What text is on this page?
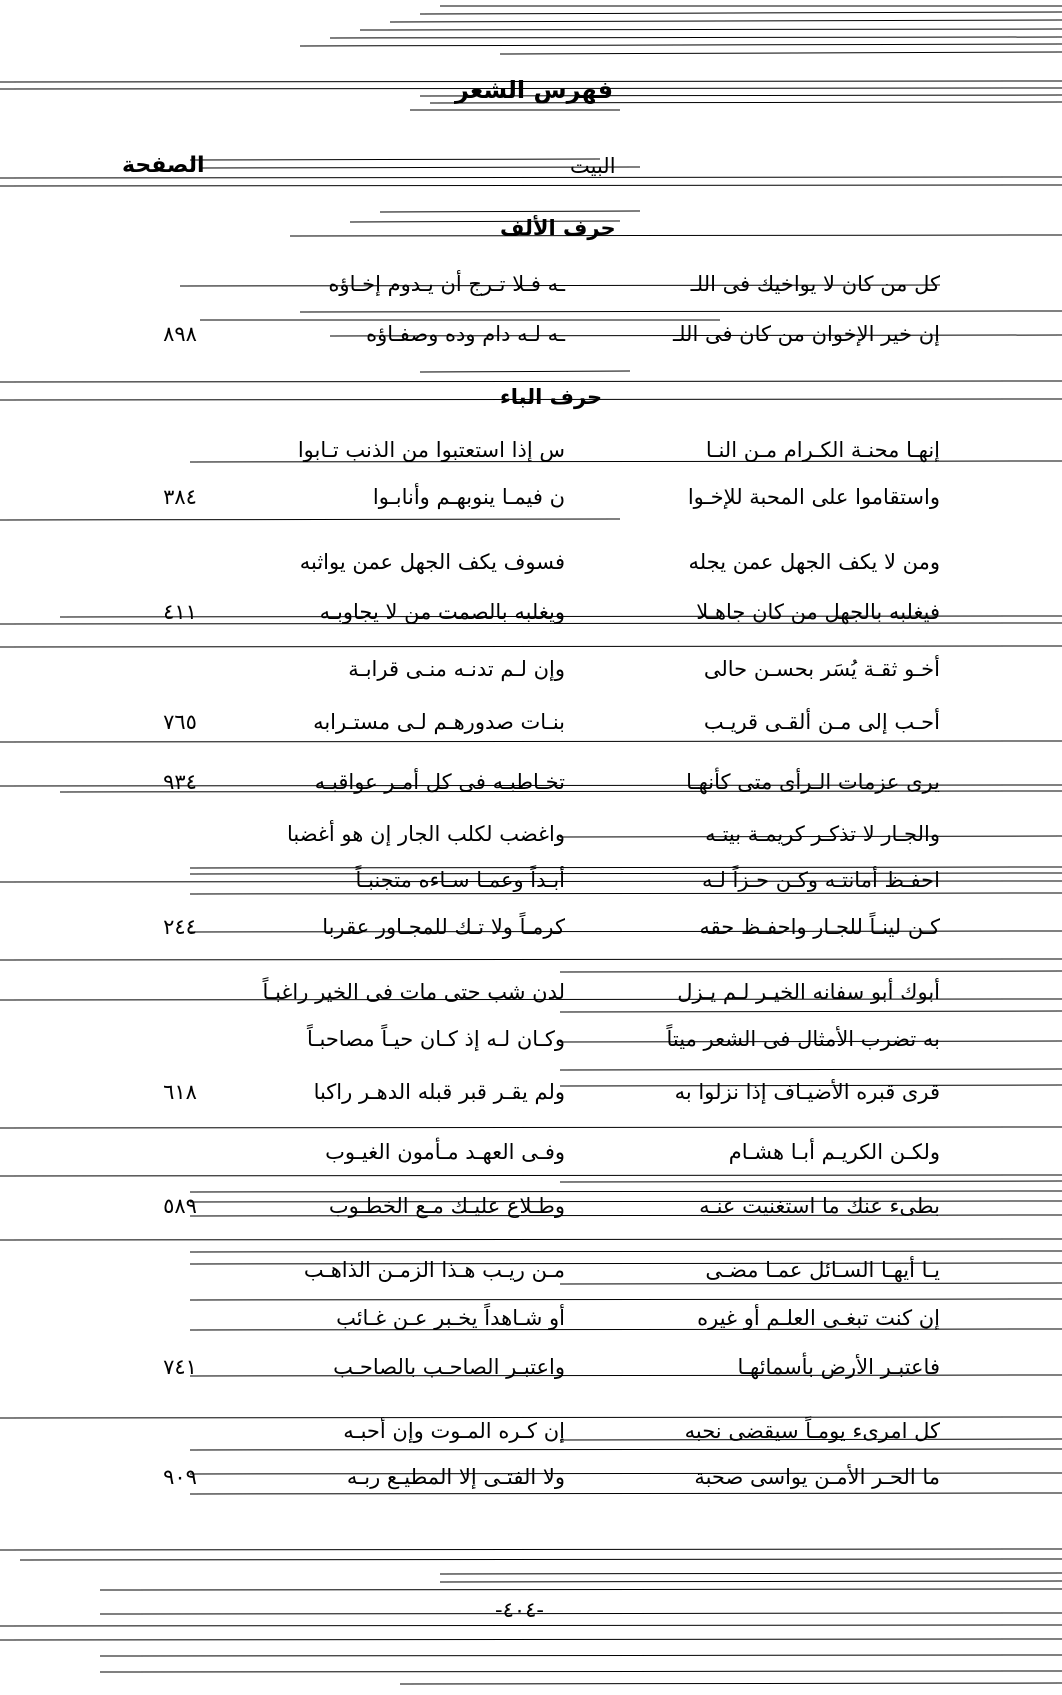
فهرس الشعر
الصفحة	البيت
حرف الألف
كل من كان لا يواخيك فى اللـ
ـه فـلا تـرج أن يـدوم إخـاؤه
إن خير الإخوان من كان فى اللـ
ـه لـه دام وده وصفـاؤه
٨٩٨
حرف الباء
إنهـا محنـة الكـرام مـن النـا
س إذا استعتبوا من الذنب تـابوا
واستقاموا على المحبة للإخـوا
ن فيمـا ينوبهـم وأنابـوا
٣٨٤
ومن لا يكف الجهل عمن يجله
فسوف يكف الجهل عمن يواثبه
فيغلبه بالجهل من كان جاهـلا
ويغلبه بالصمت من لا يجاوبـه
٤١١
أخـو ثقـة يُسَر بحسـن حالى
وإن لـم تدنـه منـى قرابـة
أحـب إلى مـن ألقـى قريـب
بنـات صدورهـم لـى مستـرابه
٧٦٥
يرى عزمات الـرأى متى كأنهـا
تخـاطبـه فى كل أمـر عواقبـه
٩٣٤
والجـار لا تذكـر كريمـة بيتـه
واغضب لكلب الجار إن هو أغضبا
احفـظ أمانتـه وكـن حـزاً لـه
أبـداً وعمـا سـاءه متجنبـاً
كـن لينـاً للجـار واحفـظ حقه
كرمـاً ولا تـك للمجـاور عقربا
٢٤٤
أبوك أبو سفانه الخيـر لـم يـزل
لدن شب حتى مات فى الخير راغبـاً
به تضرب الأمثال فى الشعر ميتاً
وكـان لـه إذ كـان حيـاً مصاحبـاً
قرى قبره الأضيـاف إذا نزلوا به
ولم يقـر قبر قبله الدهـر راكبا
٦١٨
ولكـن الكريـم أبـا هشـام
وفـى العهـد مـأمون الغيـوب
بطىء عنك ما استغنيت عنـه
وطـلاع عليـك مـع الخطـوب
٥٨٩
يـا أيهـا السـائل عمـا مضـى
مـن ريـب هـذا الزمـن الذاهـب
إن كنت تبغـى العلـم أو غيره
أو شـاهداً يخـبر عـن غـائب
فاعتبـر الأرض بأسمائهـا
واعتبـر الصاحـب بالصاحـب
٧٤١
كل امرىء يومـاً سيقضى نحبه
إن كـره المـوت وإن أحبـه
ما الحـر الأمـن يواسى صحبة
ولا الفتـى إلا المطيـع ربـه
٩٠٩
-٤٠٤-
